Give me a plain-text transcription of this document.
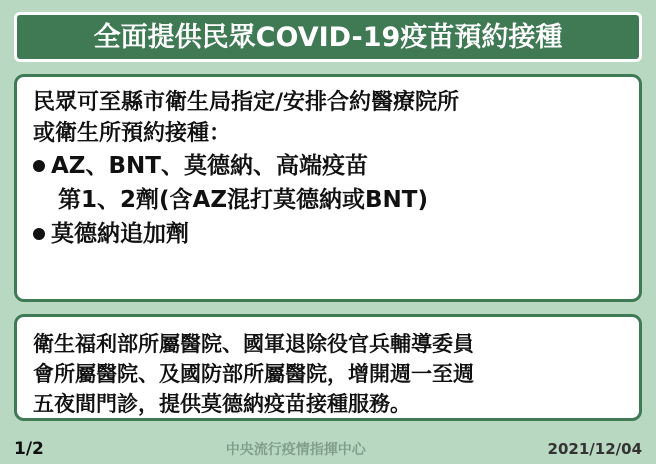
全面提供民眾COVID-19疫苗預約接種
民眾可至縣市衛生局指定/安排合約醫療院所
或衛生所預約接種：
AZ、BNT、莫德納、高端疫苗
第1、2劑(含AZ混打莫德納或BNT)
莫德納追加劑
衛生福利部所屬醫院、國軍退除役官兵輔導委員
會所屬醫院、及國防部所屬醫院，增開週一至週
五夜間門診，提供莫德納疫苗接種服務。
1/2	中央流行疫情指揮中心	2021/12/04
